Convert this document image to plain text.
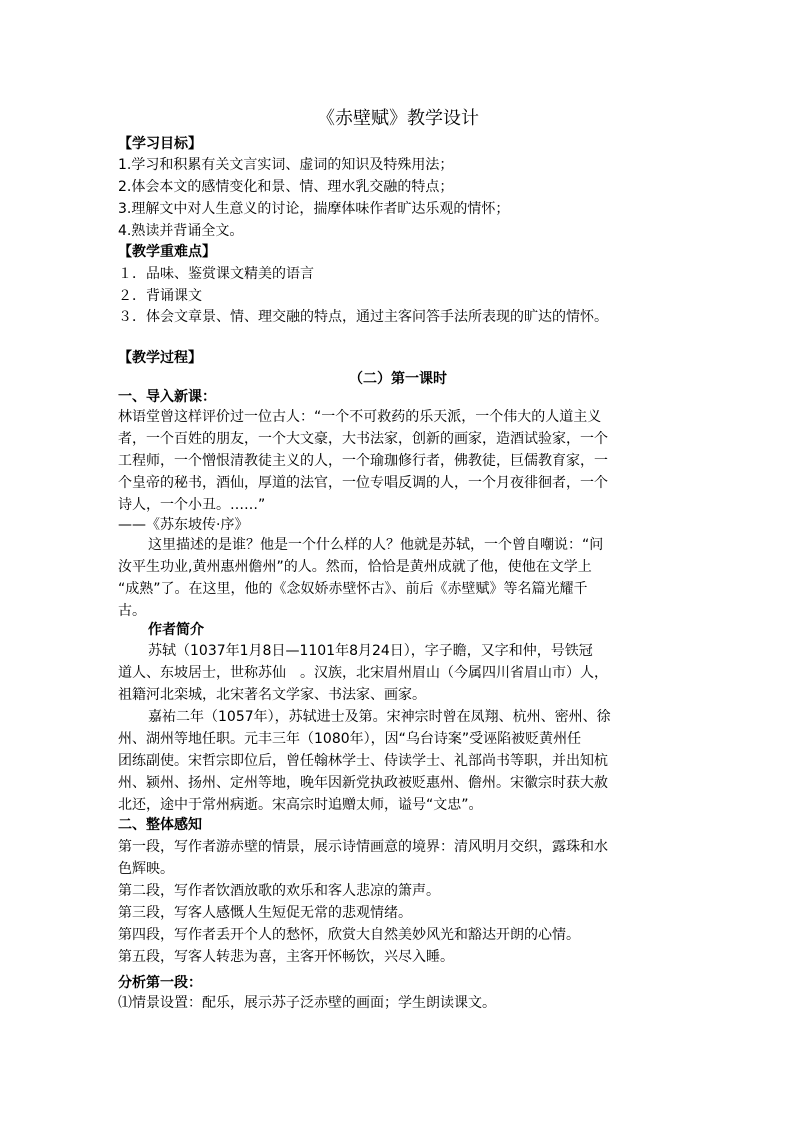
《赤壁赋》教学设计
【学习目标】
1.学习和积累有关文言实词、虚词的知识及特殊用法；
2.体会本文的感情变化和景、情、理水乳交融的特点；
3.理解文中对人生意义的讨论，揣摩体味作者旷达乐观的情怀；
4.熟读并背诵全文。
【教学重难点】
１．品味、鉴赏课文精美的语言
２．背诵课文
３．体会文章景、情、理交融的特点，通过主客问答手法所表现的旷达的情怀。
【教学过程】
（二）第一课时
一、导入新课：
林语堂曾这样评价过一位古人：“一个不可救药的乐天派，一个伟大的人道主义
者，一个百姓的朋友，一个大文豪，大书法家，创新的画家，造酒试验家，一个
工程师，一个憎恨清教徒主义的人，一个瑜珈修行者，佛教徒，巨儒教育家，一
个皇帝的秘书，酒仙，厚道的法官，一位专唱反调的人，一个月夜徘徊者，一个
诗人，一个小丑。……”
——《苏东坡传·序》
这里描述的是谁？他是一个什么样的人？他就是苏轼，一个曾自嘲说：“问
汝平生功业,黄州惠州儋州”的人。然而，恰恰是黄州成就了他，使他在文学上
“成熟”了。在这里，他的《念奴娇赤壁怀古》、前后《赤壁赋》等名篇光耀千
古。
作者简介
苏轼（1037年1月8日—1101年8月24日），字子瞻，又字和仲，号铁冠
道人、东坡居士，世称苏仙　。汉族，北宋眉州眉山（今属四川省眉山市）人，
祖籍河北栾城，北宋著名文学家、书法家、画家。
嘉祐二年（1057年），苏轼进士及第。宋神宗时曾在凤翔、杭州、密州、徐
州、湖州等地任职。元丰三年（1080年），因“乌台诗案”受诬陷被贬黄州任
团练副使。宋哲宗即位后，曾任翰林学士、侍读学士、礼部尚书等职，并出知杭
州、颍州、扬州、定州等地，晚年因新党执政被贬惠州、儋州。宋徽宗时获大赦
北还，途中于常州病逝。宋高宗时追赠太师，谥号“文忠”。
二、整体感知
第一段，写作者游赤壁的情景，展示诗情画意的境界：清风明月交织，露珠和水
色辉映。
第二段，写作者饮酒放歌的欢乐和客人悲凉的箫声。
第三段，写客人感慨人生短促无常的悲观情绪。
第四段，写作者丢开个人的愁怀，欣赏大自然美妙风光和豁达开朗的心情。
第五段，写客人转悲为喜，主客开怀畅饮，兴尽入睡。
分析第一段：
⑴情景设置：配乐，展示苏子泛赤壁的画面；学生朗读课文。
